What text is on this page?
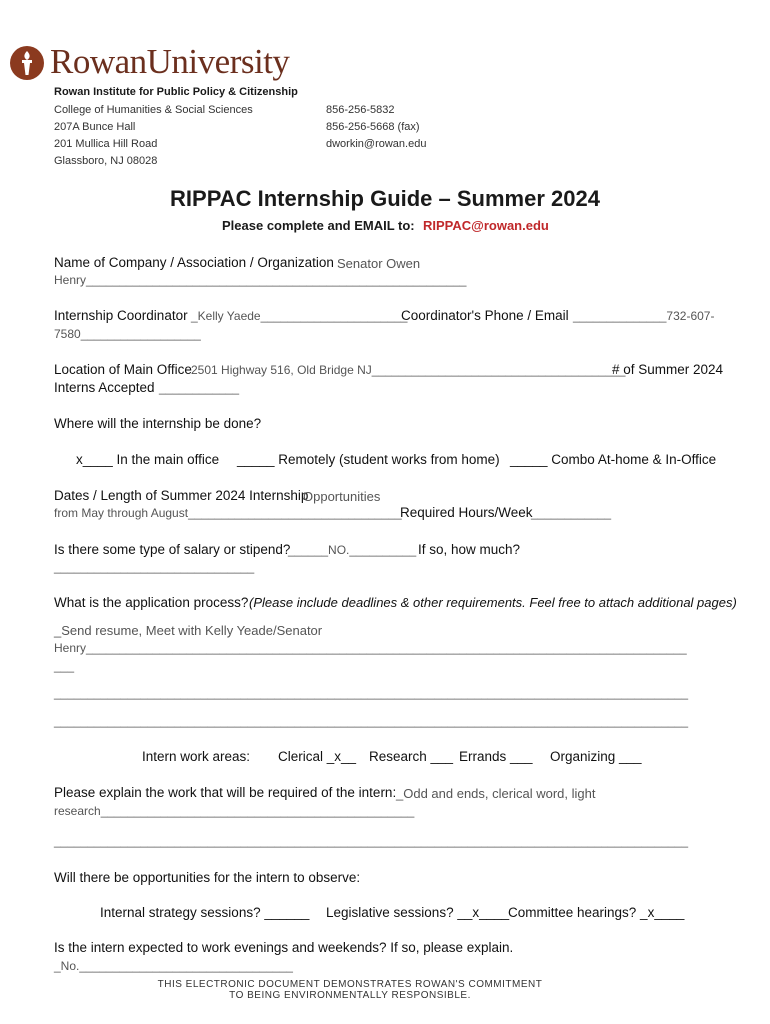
RowanUniversity
Rowan Institute for Public Policy & Citizenship
College of Humanities & Social Sciences
207A Bunce Hall
201 Mullica Hill Road
Glassboro, NJ 08028
856-256-5832
856-256-5668 (fax)
dworkin@rowan.edu
RIPPAC Internship Guide – Summer 2024
Please complete and EMAIL to: RIPPAC@rowan.edu
Name of Company / Association / Organization Senator Owen
Henry_________________________________________________________
Internship Coordinator _Kelly Yaede______________________
Coordinator's Phone / Email ______________732-607-
7580__________________
Location of Main Office 2501 Highway 516, Old Bridge NJ______________________________________
# of Summer 2024
Interns Accepted ____________
Where will the internship be done?
x____ In the main office _____ Remotely (student works from home) _____ Combo At-home & In-Office
Dates / Length of Summer 2024 Internship
Opportunities
from May through August________________________________
Required Hours/Week
____________
Is there some type of salary or stipend?
______NO.__________ If so, how much?
______________________________
What is the application process? (Please include deadlines & other requirements. Feel free to attach additional pages)
_Send resume, Meet with Kelly Yeade/Senator
Henry__________________________________________________________________________________________
___
_______________________________________________________________________________________________
_______________________________________________________________________________________________
Intern work areas: Clerical _x__ Research ___ Errands ___ Organizing ___
Please explain the work that will be required of the intern: _Odd and ends, clerical word, light
research_______________________________________________
_______________________________________________________________________________________________
Will there be opportunities for the intern to observe:
Internal strategy sessions? ______ Legislative sessions? __x____
Committee hearings? _x____
Is the intern expected to work evenings and weekends? If so, please explain.
_No.________________________________
THIS ELECTRONIC DOCUMENT DEMONSTRATES ROWAN'S COMMITMENT
TO BEING ENVIRONMENTALLY RESPONSIBLE.
